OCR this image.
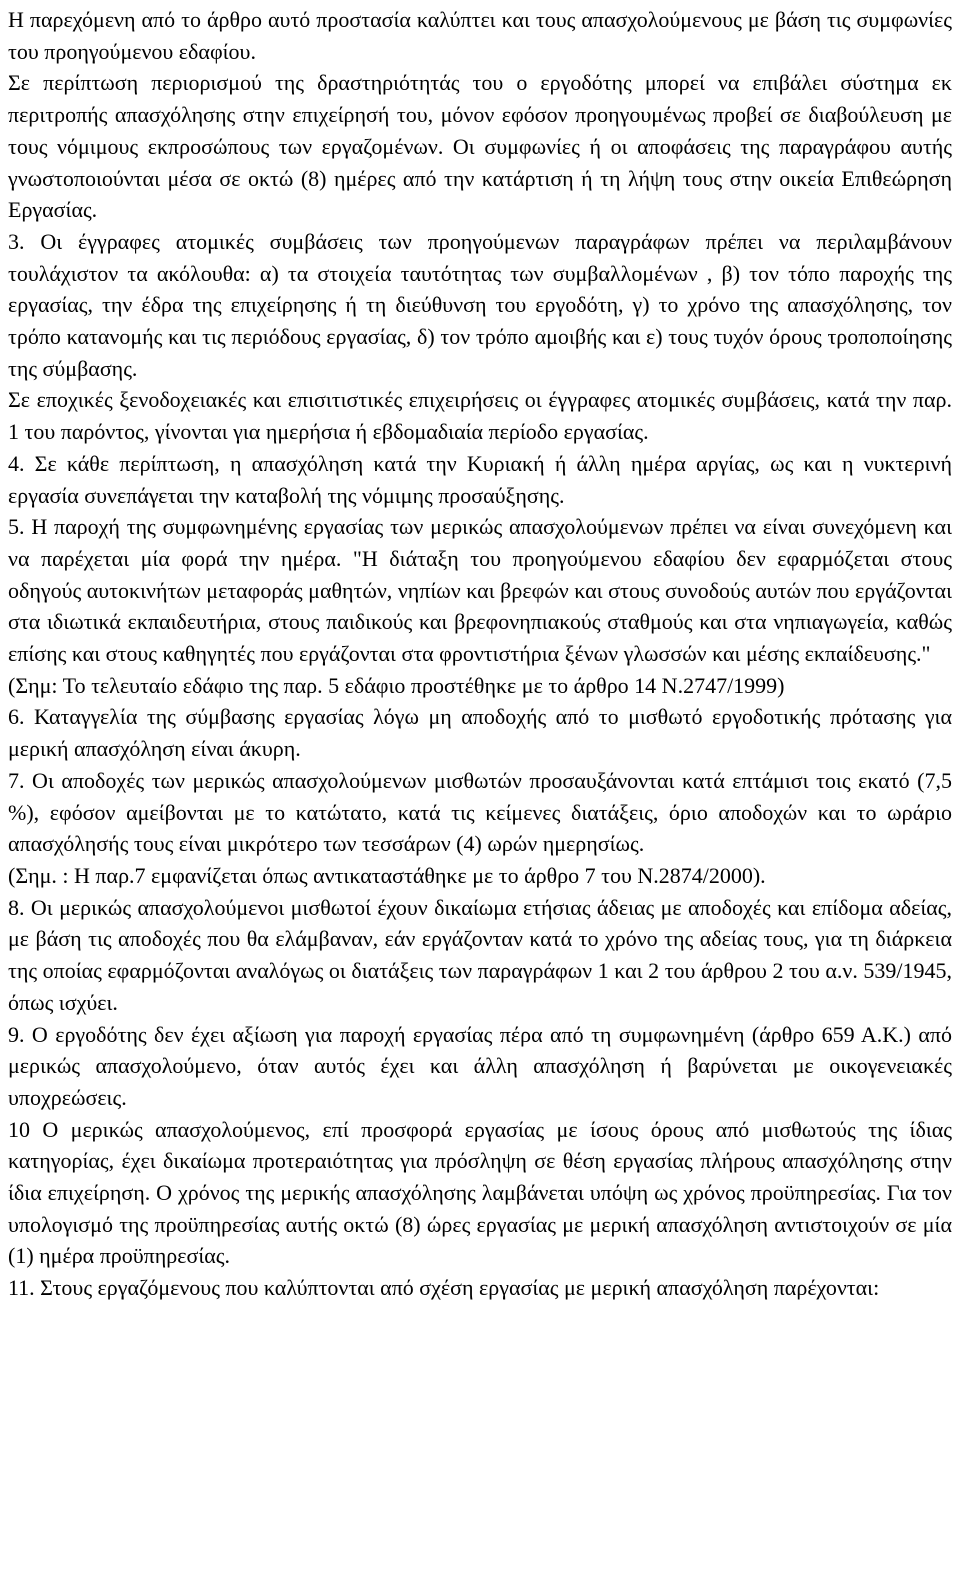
Η παρεχόμενη από το άρθρο αυτό προστασία καλύπτει και τους απασχολούμενους με βάση τις συμφωνίες του προηγούμενου εδαφίου.

Σε περίπτωση περιορισμού της δραστηριότητάς του ο εργοδότης μπορεί να επιβάλει σύστημα εκ περιτροπής απασχόλησης στην επιχείρησή του, μόνον εφόσον προηγουμένως προβεί σε διαβούλευση με τους νόμιμους εκπροσώπους των εργαζομένων. Οι συμφωνίες ή οι αποφάσεις της παραγράφου αυτής γνωστοποιούνται μέσα σε οκτώ (8) ημέρες από την κατάρτιση ή τη λήψη τους στην οικεία Επιθεώρηση Εργασίας.

3. Οι έγγραφες ατομικές συμβάσεις των προηγούμενων παραγράφων πρέπει να περιλαμβάνουν τουλάχιστον τα ακόλουθα: α) τα στοιχεία ταυτότητας των συμβαλλομένων , β) τον τόπο παροχής της εργασίας, την έδρα της επιχείρησης ή τη διεύθυνση του εργοδότη, γ) το χρόνο της απασχόλησης, τον τρόπο κατανομής και τις περιόδους εργασίας, δ) τον τρόπο αμοιβής και ε) τους τυχόν όρους τροποποίησης της σύμβασης.

Σε εποχικές ξενοδοχειακές και επισιτιστικές επιχειρήσεις οι έγγραφες ατομικές συμβάσεις, κατά την παρ. 1 του παρόντος, γίνονται για ημερήσια ή εβδομαδιαία περίοδο εργασίας.

4. Σε κάθε περίπτωση, η απασχόληση κατά την Κυριακή ή άλλη ημέρα αργίας, ως και η νυκτερινή εργασία συνεπάγεται την καταβολή της νόμιμης προσαύξησης.

5. Η παροχή της συμφωνημένης εργασίας των μερικώς απασχολούμενων πρέπει να είναι συνεχόμενη και να παρέχεται μία φορά την ημέρα. "Η διάταξη του προηγούμενου εδαφίου δεν εφαρμόζεται στους οδηγούς αυτοκινήτων μεταφοράς μαθητών, νηπίων και βρεφών και στους συνοδούς αυτών που εργάζονται στα ιδιωτικά εκπαιδευτήρια, στους παιδικούς και βρεφονηπιακούς σταθμούς και στα νηπιαγωγεία, καθώς επίσης και στους καθηγητές που εργάζονται στα φροντιστήρια ξένων γλωσσών και μέσης εκπαίδευσης."

(Σημ: Το τελευταίο εδάφιο της παρ. 5 εδάφιο προστέθηκε με το άρθρο 14 Ν.2747/1999)

6. Καταγγελία της σύμβασης εργασίας λόγω μη αποδοχής από το μισθωτό εργοδοτικής πρότασης για μερική απασχόληση είναι άκυρη.

7. Οι αποδοχές των μερικώς απασχολούμενων μισθωτών προσαυξάνονται κατά επτάμισι τοις εκατό (7,5 %), εφόσον αμείβονται με το κατώτατο, κατά τις κείμενες διατάξεις, όριο αποδοχών και το ωράριο απασχόλησής τους είναι μικρότερο των τεσσάρων (4) ωρών ημερησίως.

(Σημ. : Η παρ.7 εμφανίζεται όπως αντικαταστάθηκε με το άρθρο 7 του Ν.2874/2000).

8. Οι μερικώς απασχολούμενοι μισθωτοί έχουν δικαίωμα ετήσιας άδειας με αποδοχές και επίδομα αδείας, με βάση τις αποδοχές που θα ελάμβαναν, εάν εργάζονταν κατά το χρόνο της αδείας τους, για τη διάρκεια της οποίας εφαρμόζονται αναλόγως οι διατάξεις των παραγράφων 1 και 2 του άρθρου 2 του α.ν. 539/1945, όπως ισχύει.

9. Ο εργοδότης δεν έχει αξίωση για παροχή εργασίας πέρα από τη συμφωνημένη (άρθρο 659 Α.Κ.) από μερικώς απασχολούμενο, όταν αυτός έχει και άλλη απασχόληση ή βαρύνεται με οικογενειακές υποχρεώσεις.

10 Ο μερικώς απασχολούμενος, επί προσφορά εργασίας με ίσους όρους από μισθωτούς της ίδιας κατηγορίας, έχει δικαίωμα προτεραιότητας για πρόσληψη σε θέση εργασίας πλήρους απασχόλησης στην ίδια επιχείρηση. Ο χρόνος της μερικής απασχόλησης λαμβάνεται υπόψη ως χρόνος προϋπηρεσίας. Για τον υπολογισμό της προϋπηρεσίας αυτής οκτώ (8) ώρες εργασίας με μερική απασχόληση αντιστοιχούν σε μία (1) ημέρα προϋπηρεσίας.

11. Στους εργαζόμενους που καλύπτονται από σχέση εργασίας με μερική απασχόληση παρέχονται:
